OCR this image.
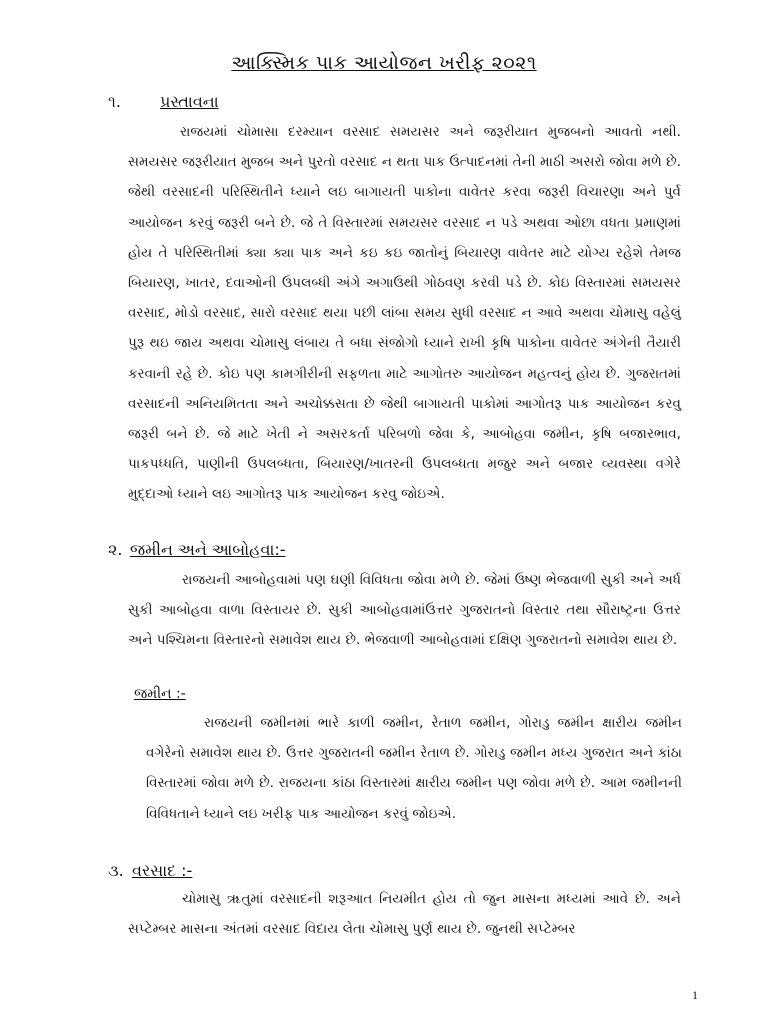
આક્સ્મિક પાક આયોજન ખરીફ ૨૦૨૧
૧. પ્રસ્તાવના
રાજયમાં ચોમાસા દરમ્યાન વરસાદ સમયસર અને જરૂરીયાત મુજબનો આવતો નથી. સમયસર જરૂરીયાત મુજબ અને પુરતો વરસાદ ન થતા પાક ઉત્પાદનમાં તેની માઠી અસરો જોવા મળે છે. જેથી વરસાદની પરિસ્થિતીને ધ્યાને લઇ બાગાયતી પાકોના વાવેતર કરવા જરૂરી વિચારણા અને પુર્વ આયોજન કરવું જરૂરી બને છે. જે તે વિસ્તારમાં સમયસર વરસાદ ન પડે અથવા ઓછા વધતા પ્રમાણમાં હોય તે પરિસ્થિતીમાં ક્યા ક્યા પાક અને કઇ કઇ જાતોનું બિયારણ વાવેતર માટે યોગ્ય રહેશે તેમજ બિયારણ, ખાતર, દવાઓની ઉપલબ્ધી અંગે અગાઉથી ગોઠવણ કરવી પડે છે. કોઇ વિસ્તારમાં સમયસર વરસાદ, મોડો વરસાદ, સારો વરસાદ થયા પછી લાંબા સમય સુધી વરસાદ ન આવે અથવા ચોમાસુ વહેલું પુરૂ થઇ જાય અથવા ચોમાસુ લંબાય તે બધા સંજોગો ધ્યાને રાખી કૃષિ પાકોના વાવેતર અંગેની તૈયારી કરવાની રહે છે. કોઇ પણ કામગીરીની સફળતા માટે આગોતરુ આયોજન મહત્વનું હોય છે. ગુજરાતમાં વરસાદની અનિયમિતતા અને અચોક્કસતા છે જેથી બાગાયતી પાકોમાં આગોતરૂ પાક આયોજન કરવુ જરૂરી બને છે. જે માટે ખેતી ને અસરકર્તા પરિબળો જેવા કે, આબોહવા જમીન, કૃષિ બજારભાવ, પાકપધ્ધતિ, પાણીની ઉપલબ્ધતા, બિયારણ/ખાતરની ઉપલબ્ધતા મજુર અને બજાર વ્યવસ્થા વગેરે મુદ્દાઓ ધ્યાને લઇ આગોતરૂ પાક આયોજન કરવુ જોઇએ.
૨. જમીન અને આબોહવા:-
રાજયની આબોહવામાં પણ ઘણી વિવિધતા જોવા મળે છે. જેમાં ઉષ્ણ ભેજવાળી સુકી અને અર્ધ સુકી આબોહવા વાળા વિસ્તાયર છે. સુકી આબોહવામાંઉત્તર ગુજરાતનો વિસ્તાર તથા સૌરાષ્ટ્રના ઉત્તર અને પશ્ચિમના વિસ્તારનો સમાવેશ થાય છે. ભેજવાળી આબોહવામાં દક્ષિણ ગુજરાતનો સમાવેશ થાય છે.
જમીન :-
રાજયની જમીનમાં ભારે કાળી જમીન, રેતાળ જમીન, ગોરાડુ જમીન ક્ષારીય જમીન વગેરેનો સમાવેશ થાય છે. ઉત્તર ગુજરાતની જમીન રેતાળ છે. ગોરાડુ જમીન મધ્ય ગુજરાત અને કાંઠા વિસ્તારમાં જોવા મળે છે. રાજયના કાંઠા વિસ્તારમાં ક્ષારીય જમીન પણ જોવા મળે છે. આમ જમીનની વિવિધતાને ધ્યાને લઇ ખરીફ પાક આયોજન કરવું જોઇએ.
૩. વરસાદ :-
ચોમાસુ ૠતુમાં વરસાદની શરૂઆત નિયમીત હોય તો જુન માસના મધ્યમાં આવે છે. અને સપ્ટેમ્બર માસના અંતમાં વરસાદ વિદાય લેતા ચોમાસુ પુર્ણ થાય છે. જુનથી સપ્ટેમ્બર
1
